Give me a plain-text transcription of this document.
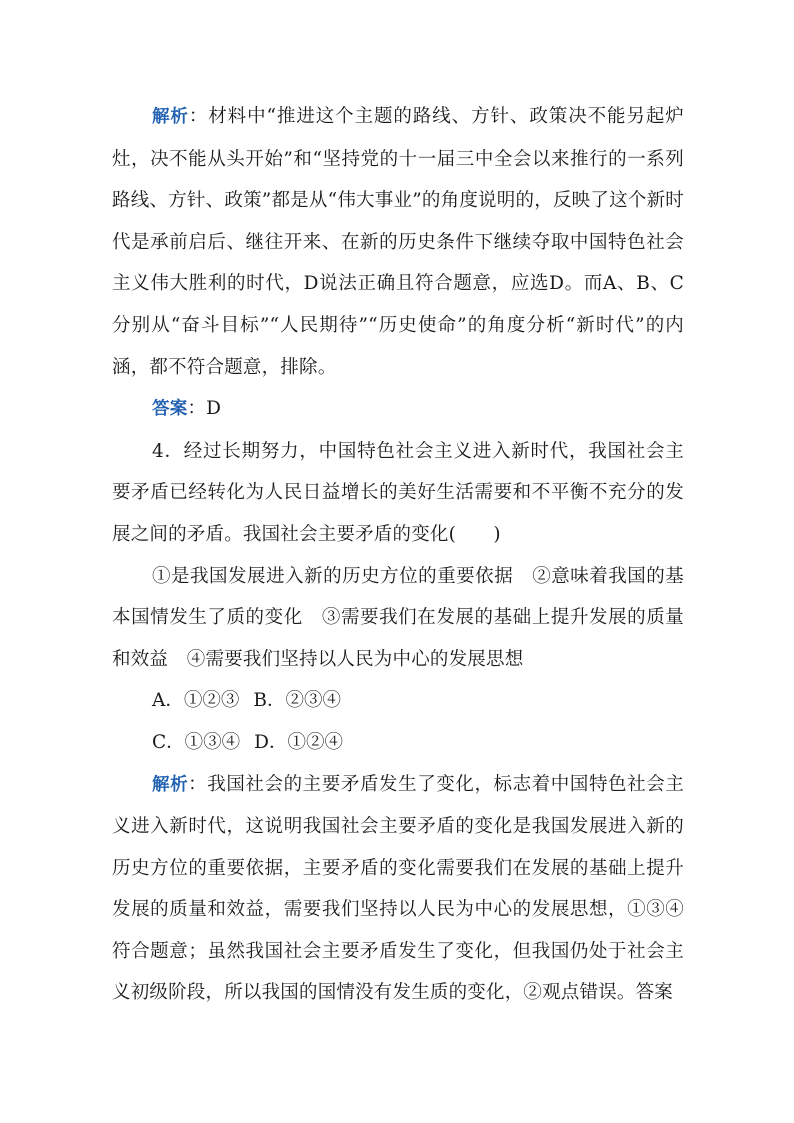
解析：材料中“推进这个主题的路线、方针、政策决不能另起炉灶，决不能从头开始”和“坚持党的十一届三中全会以来推行的一系列路线、方针、政策”都是从“伟大事业”的角度说明的，反映了这个新时代是承前启后、继往开来、在新的历史条件下继续夺取中国特色社会主义伟大胜利的时代，D说法正确且符合题意，应选D。而A、B、C分别从“奋斗目标”“人民期待”“历史使命”的角度分析“新时代”的内涵，都不符合题意，排除。

答案：D

4．经过长期努力，中国特色社会主义进入新时代，我国社会主要矛盾已经转化为人民日益增长的美好生活需要和不平衡不充分的发展之间的矛盾。我国社会主要矛盾的变化(　　)

①是我国发展进入新的历史方位的重要依据　②意味着我国的基本国情发生了质的变化　③需要我们在发展的基础上提升发展的质量和效益　④需要我们坚持以人民为中心的发展思想

A．①②③ B．②③④

C．①③④ D．①②④

解析：我国社会的主要矛盾发生了变化，标志着中国特色社会主义进入新时代，这说明我国社会主要矛盾的变化是我国发展进入新的历史方位的重要依据，主要矛盾的变化需要我们在发展的基础上提升发展的质量和效益，需要我们坚持以人民为中心的发展思想，①③④符合题意；虽然我国社会主要矛盾发生了变化，但我国仍处于社会主义初级阶段，所以我国的国情没有发生质的变化，②观点错误。答案
